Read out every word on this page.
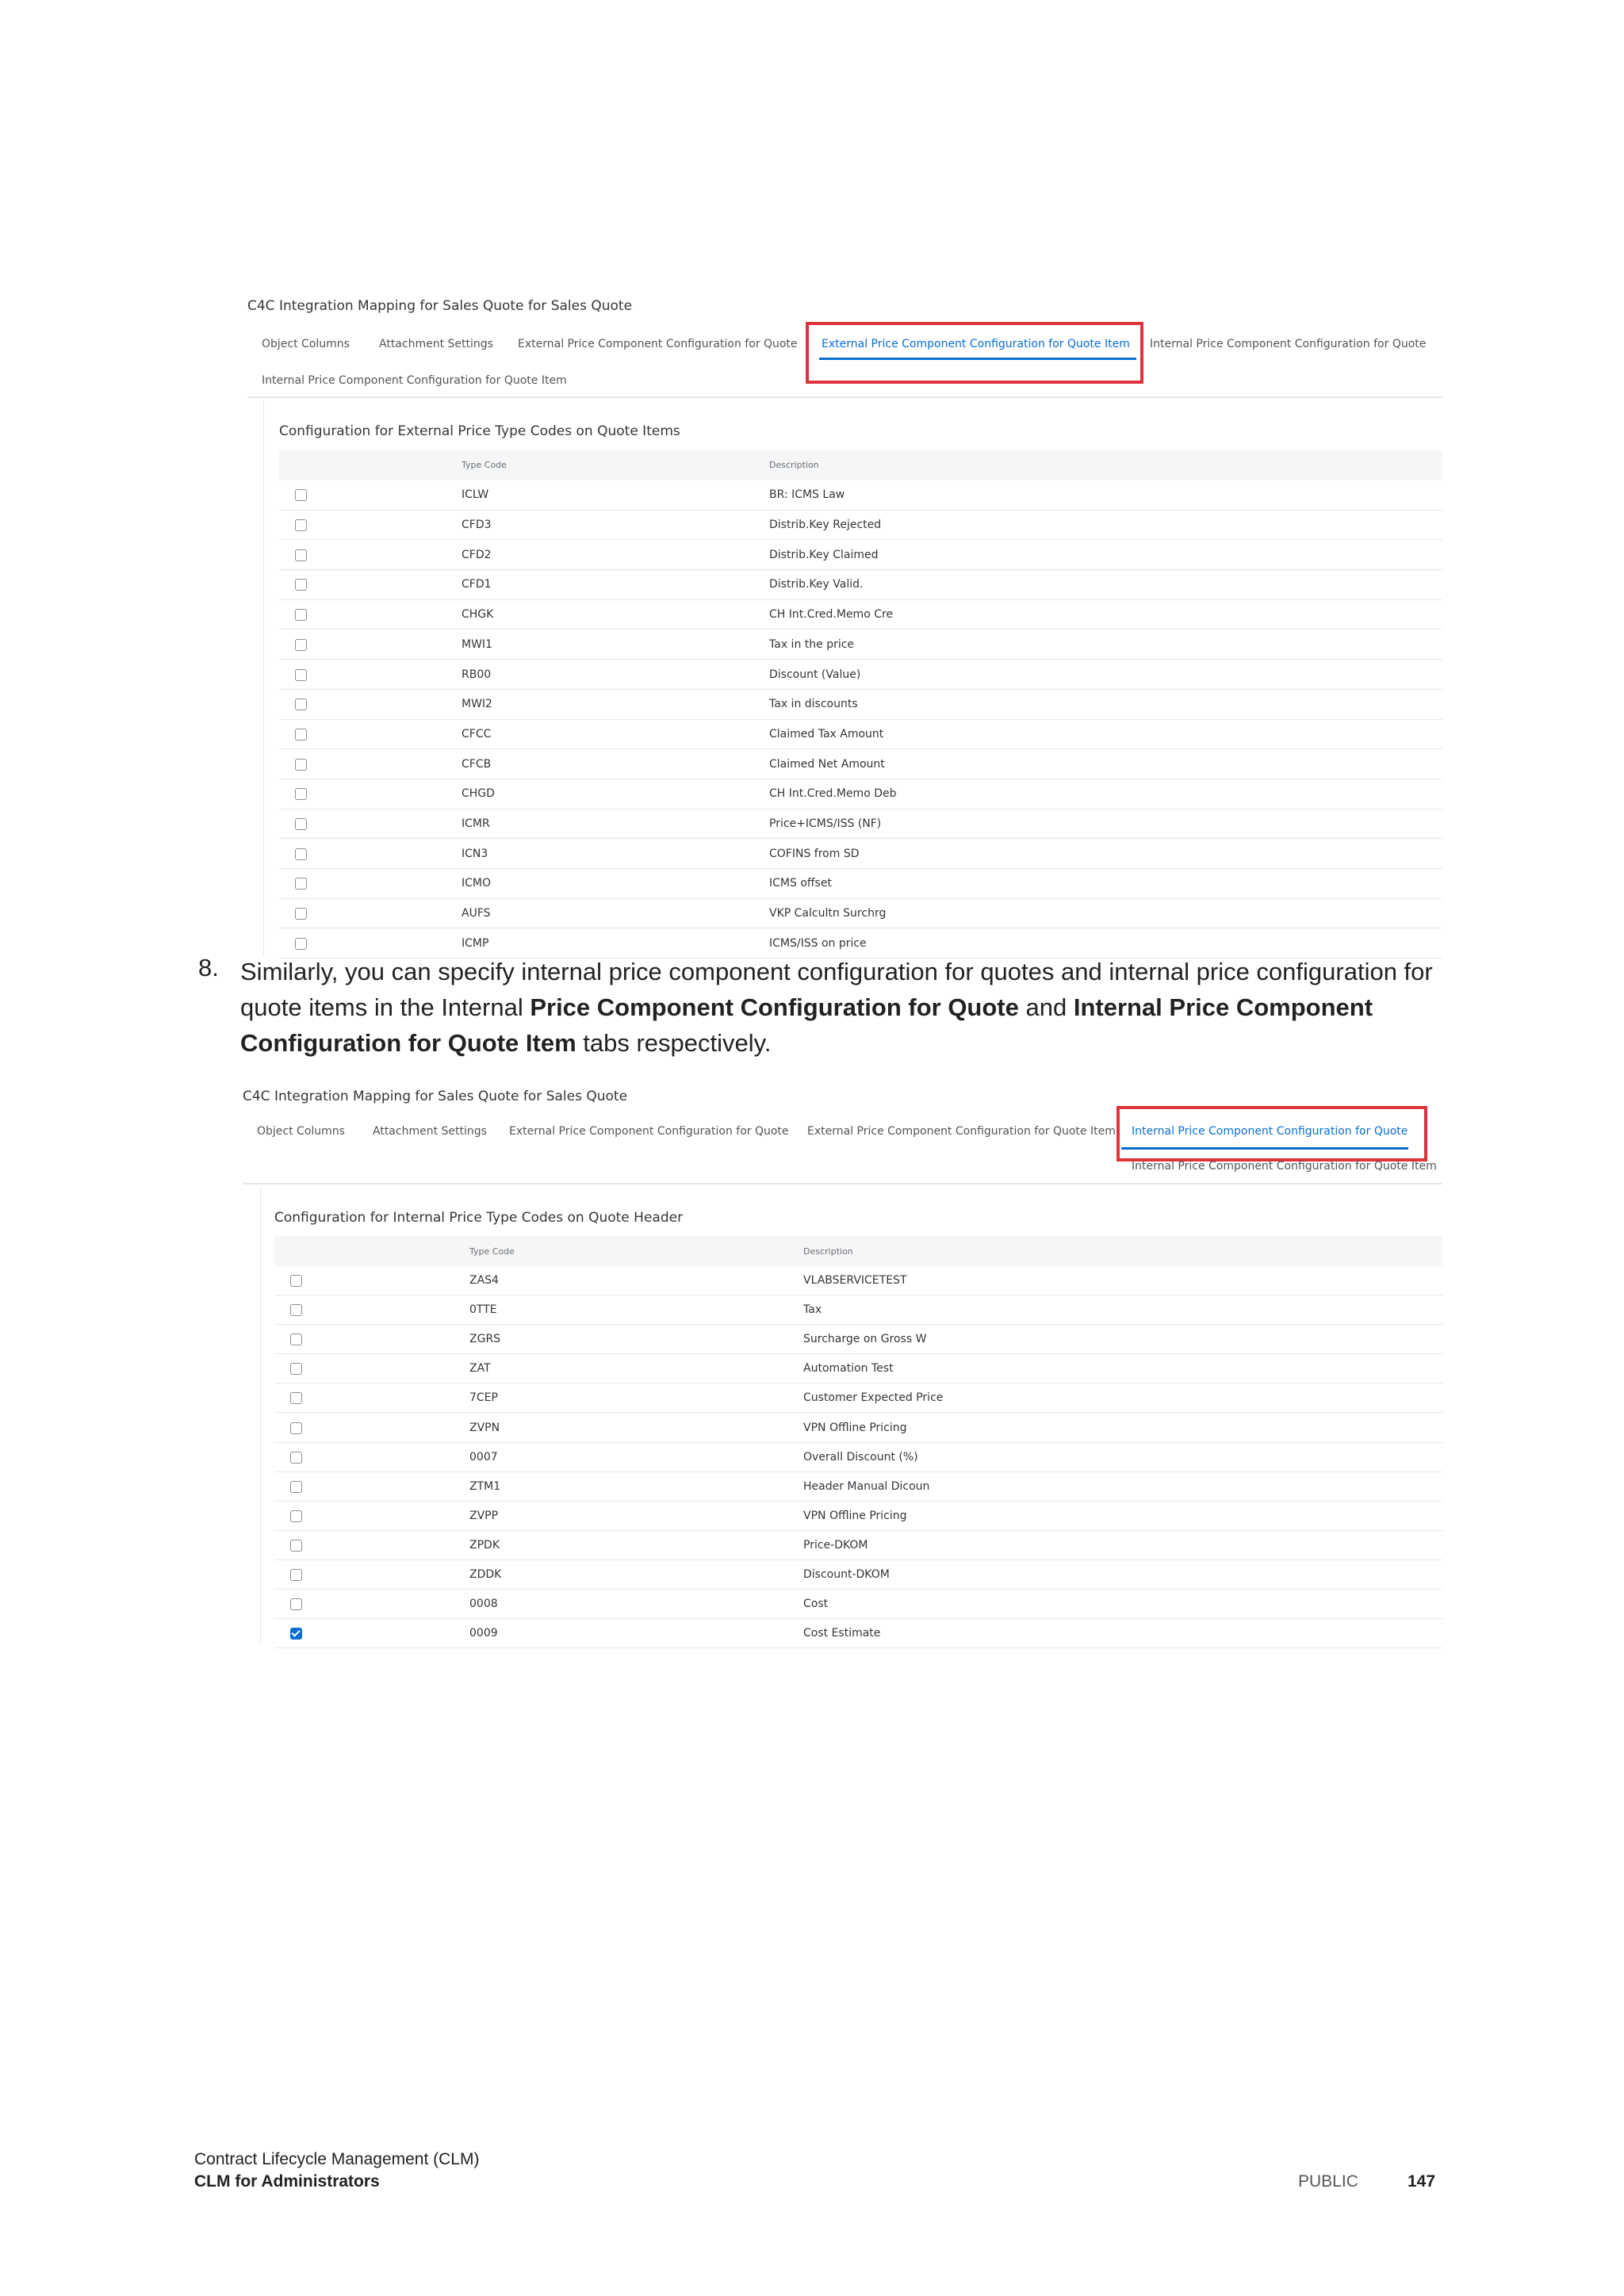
C4C Integration Mapping for Sales Quote for Sales Quote
Object Columns	Attachment Settings External Price Component Configuration for Quote External Price Component Configuration for Quote Item Internal Price Component Configuration for Quote
Internal Price Component Configuration for Quote Item
Configuration for External Price Type Codes on Quote Items
Type Code	Description
ICLW	BR: ICMS Law
CFD3	Distrib.Key Rejected
CFD2	Distrib.Key Claimed
CFD1	Distrib.Key Valid.
CHGK	CH Int.Cred.Memo Cre
MWI1	Tax in the price
RB00	Discount (Value)
MWI2	Tax in discounts
CFCC	Claimed Tax Amount
CFCB	Claimed Net Amount
CHGD	CH Int.Cred.Memo Deb
ICMR	Price+ICMS/ISS (NF)
ICN3	COFINS from SD
ICMO	ICMS offset
AUFS	VKP Calcultn Surchrg
ICMP	ICMS/ISS on price
8. Similarly, you can specify internal price component configuration for quotes and internal price configuration for quote items in the Internal Price Component Configuration for Quote and Internal Price Component Configuration for Quote Item tabs respectively.
C4C Integration Mapping for Sales Quote for Sales Quote
Object Columns	Attachment Settings External Price Component Configuration for Quote External Price Component Configuration for Quote Item Internal Price Component Configuration for Quote
Internal Price Component Configuration for Quote Item
Configuration for Internal Price Type Codes on Quote Header
Type Code	Description
ZAS4	VLABSERVICETEST
0TTE	Tax
ZGRS	Surcharge on Gross W
ZAT	Automation Test
7CEP	Customer Expected Price
ZVPN	VPN Offline Pricing
0007	Overall Discount (%)
ZTM1	Header Manual Dicoun
ZVPP	VPN Offline Pricing
ZPDK	Price-DKOM
ZDDK	Discount-DKOM
0008	Cost
0009	Cost Estimate
Contract Lifecycle Management (CLM)
CLM for Administrators	PUBLIC	147
